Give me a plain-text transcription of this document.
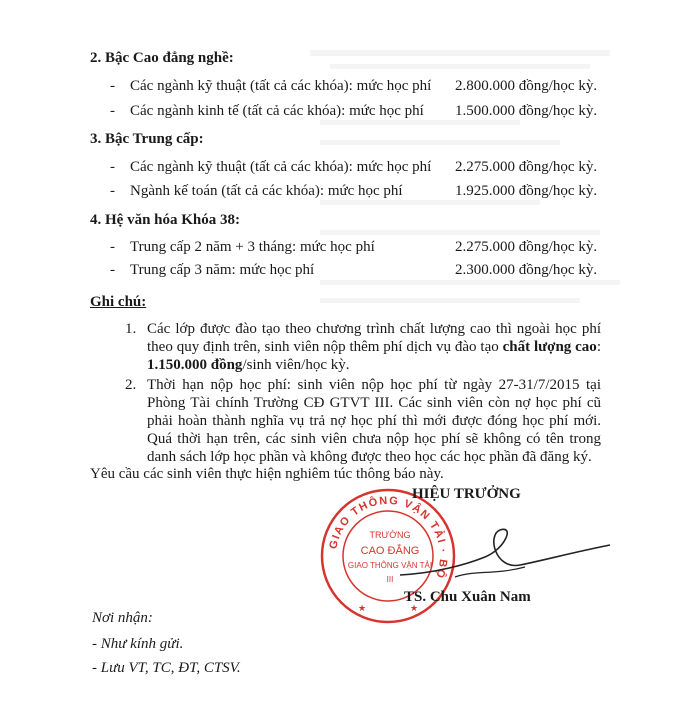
2. Bậc Cao đẳng nghề:
- Các ngành kỹ thuật (tất cả các khóa): mức học phí 2.800.000 đồng/học kỳ.
- Các ngành kinh tế (tất cả các khóa): mức học phí 1.500.000 đồng/học kỳ.
3. Bậc Trung cấp:
- Các ngành kỹ thuật (tất cả các khóa): mức học phí 2.275.000 đồng/học kỳ.
- Ngành kế toán (tất cả các khóa): mức học phí	1.925.000 đồng/học kỳ.
4. Hệ văn hóa Khóa 38:
- Trung cấp 2 năm + 3 tháng: mức học phí	2.275.000 đồng/học kỳ.
- Trung cấp 3 năm: mức học phí	2.300.000 đồng/học kỳ.
Ghi chú:
1. Các lớp được đào tạo theo chương trình chất lượng cao thì ngoài học phí theo quy định trên, sinh viên nộp thêm phí dịch vụ đào tạo chất lượng cao: 1.150.000 đồng/sinh viên/học kỳ.
2. Thời hạn nộp học phí: sinh viên nộp học phí từ ngày 27-31/7/2015 tại Phòng Tài chính Trường CĐ GTVT III. Các sinh viên còn nợ học phí cũ phải hoàn thành nghĩa vụ trả nợ học phí thì mới được đóng học phí mới. Quá thời hạn trên, các sinh viên chưa nộp học phí sẽ không có tên trong danh sách lớp học phần và không được theo học các học phần đã đăng ký.
Yêu cầu các sinh viên thực hiện nghiêm túc thông báo này.
GIAO THÔNG VẬN TẢI · BỘ
TRƯỜNG
CAO ĐẲNG
GIAO THÔNG VẬN TẢI
III
★	★
HIỆU TRƯỞNG
TS. Chu Xuân Nam
Nơi nhận:
- Như kính gửi.
- Lưu VT, TC, ĐT, CTSV.
